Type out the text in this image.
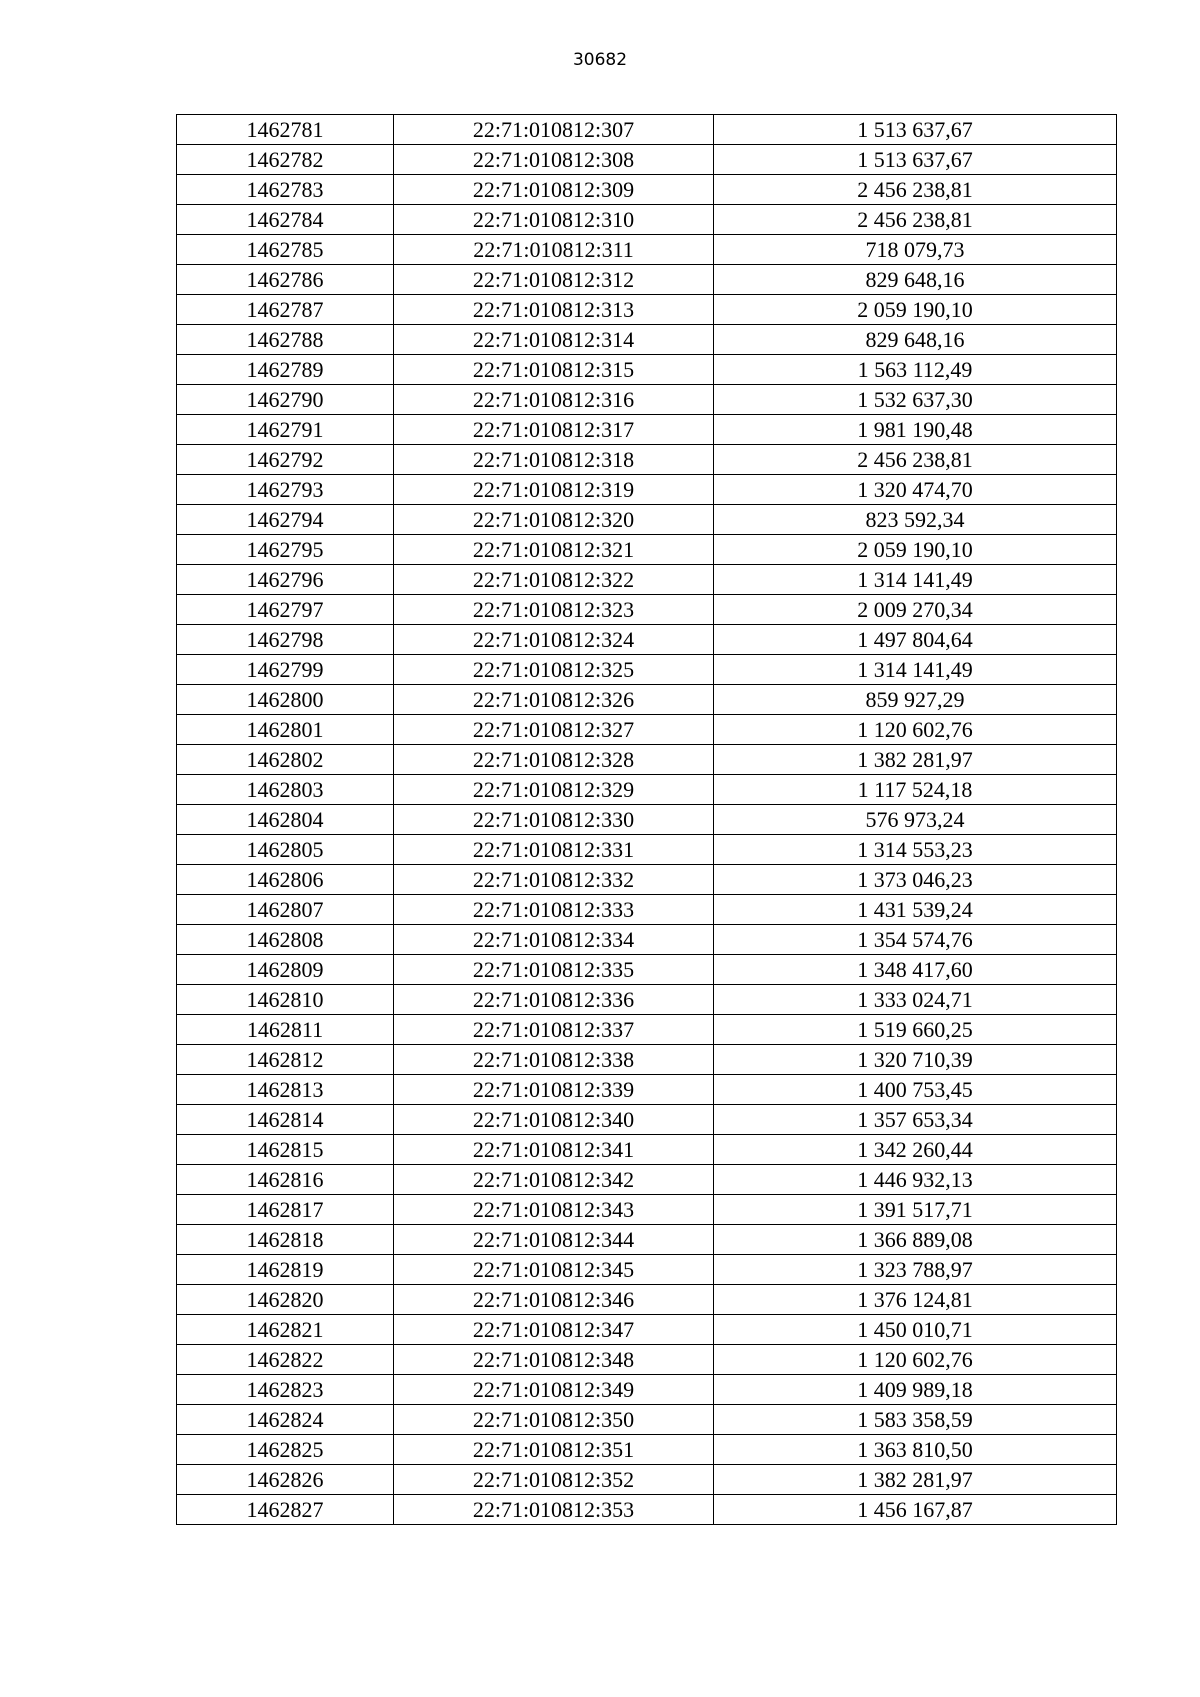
30682
1462781	22:71:010812:307	1 513 637,67
1462782	22:71:010812:308	1 513 637,67
1462783	22:71:010812:309	2 456 238,81
1462784	22:71:010812:310	2 456 238,81
1462785	22:71:010812:311	718 079,73
1462786	22:71:010812:312	829 648,16
1462787	22:71:010812:313	2 059 190,10
1462788	22:71:010812:314	829 648,16
1462789	22:71:010812:315	1 563 112,49
1462790	22:71:010812:316	1 532 637,30
1462791	22:71:010812:317	1 981 190,48
1462792	22:71:010812:318	2 456 238,81
1462793	22:71:010812:319	1 320 474,70
1462794	22:71:010812:320	823 592,34
1462795	22:71:010812:321	2 059 190,10
1462796	22:71:010812:322	1 314 141,49
1462797	22:71:010812:323	2 009 270,34
1462798	22:71:010812:324	1 497 804,64
1462799	22:71:010812:325	1 314 141,49
1462800	22:71:010812:326	859 927,29
1462801	22:71:010812:327	1 120 602,76
1462802	22:71:010812:328	1 382 281,97
1462803	22:71:010812:329	1 117 524,18
1462804	22:71:010812:330	576 973,24
1462805	22:71:010812:331	1 314 553,23
1462806	22:71:010812:332	1 373 046,23
1462807	22:71:010812:333	1 431 539,24
1462808	22:71:010812:334	1 354 574,76
1462809	22:71:010812:335	1 348 417,60
1462810	22:71:010812:336	1 333 024,71
1462811	22:71:010812:337	1 519 660,25
1462812	22:71:010812:338	1 320 710,39
1462813	22:71:010812:339	1 400 753,45
1462814	22:71:010812:340	1 357 653,34
1462815	22:71:010812:341	1 342 260,44
1462816	22:71:010812:342	1 446 932,13
1462817	22:71:010812:343	1 391 517,71
1462818	22:71:010812:344	1 366 889,08
1462819	22:71:010812:345	1 323 788,97
1462820	22:71:010812:346	1 376 124,81
1462821	22:71:010812:347	1 450 010,71
1462822	22:71:010812:348	1 120 602,76
1462823	22:71:010812:349	1 409 989,18
1462824	22:71:010812:350	1 583 358,59
1462825	22:71:010812:351	1 363 810,50
1462826	22:71:010812:352	1 382 281,97
1462827	22:71:010812:353	1 456 167,87
